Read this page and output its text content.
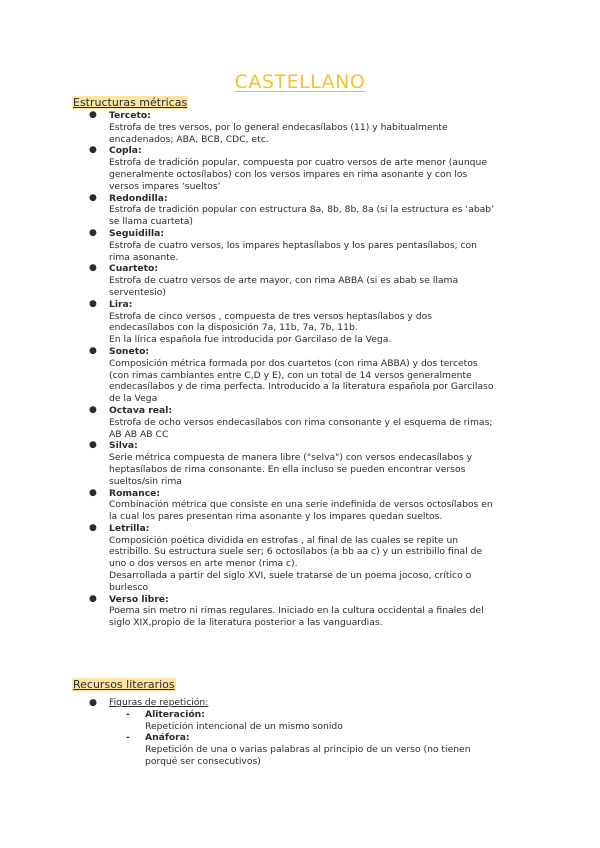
CASTELLANO
Estructuras métricas
● Terceto:
Estrofa de tres versos, por lo general endecasílabos (11) y habitualmente
encadenados; ABA, BCB, CDC, etc.
● Copla:
Estrofa de tradición popular, compuesta por cuatro versos de arte menor (aunque
generalmente octosílabos) con los versos impares en rima asonante y con los
versos impares ‘sueltos’
● Redondilla:
Estrofa de tradición popular con estructura 8a, 8b, 8b, 8a (si la estructura es ‘abab’
se llama cuarteta)
● Seguidilla:
Estrofa de cuatro versos, los impares heptasílabos y los pares pentasílabos, con
rima asonante.
● Cuarteto:
Estrofa de cuatro versos de arte mayor, con rima ABBA (si es abab se llama
serventesio)
● Lira:
Estrofa de cinco versos , compuesta de tres versos heptasílabos y dos
endecasílabos con la disposición 7a, 11b, 7a, 7b, 11b.
En la lírica española fue introducida por Garcilaso de la Vega.
● Soneto:
Composición métrica formada por dos cuartetos (con rima ABBA) y dos tercetos
(con rimas cambiantes entre C,D y E), con un total de 14 versos generalmente
endecasílabos y de rima perfecta. Introducido a la literatura española por Garcilaso
de la Vega
● Octava real:
Estrofa de ocho versos endecasílabos con rima consonante y el esquema de rimas;
AB AB AB CC
● Silva:
Serie métrica compuesta de manera libre ("selva") con versos endecasílabos y
heptasílabos de rima consonante. En ella incluso se pueden encontrar versos
sueltos/sin rima
● Romance:
Combinación métrica que consiste en una serie indefinida de versos octosílabos en
la cual los pares presentan rima asonante y los impares quedan sueltos.
● Letrilla:
Composición poética dividida en estrofas , al final de las cuales se repite un
estribillo. Su estructura suele ser; 6 octosílabos (a bb aa c) y un estribillo final de
uno o dos versos en arte menor (rima c).
Desarrollada a partir del siglo XVI, suele tratarse de un poema jocoso, crítico o
burlesco
● Verso libre:
Poema sin metro ni rimas regulares. Iniciado en la cultura occidental a finales del
siglo XIX,propio de la literatura posterior a las vanguardias.
Recursos literarios
● Figuras de repetición:
- Aliteración:
Repetición intencional de un mismo sonido
- Anáfora:
Repetición de una o varias palabras al principio de un verso (no tienen
porqué ser consecutivos)
